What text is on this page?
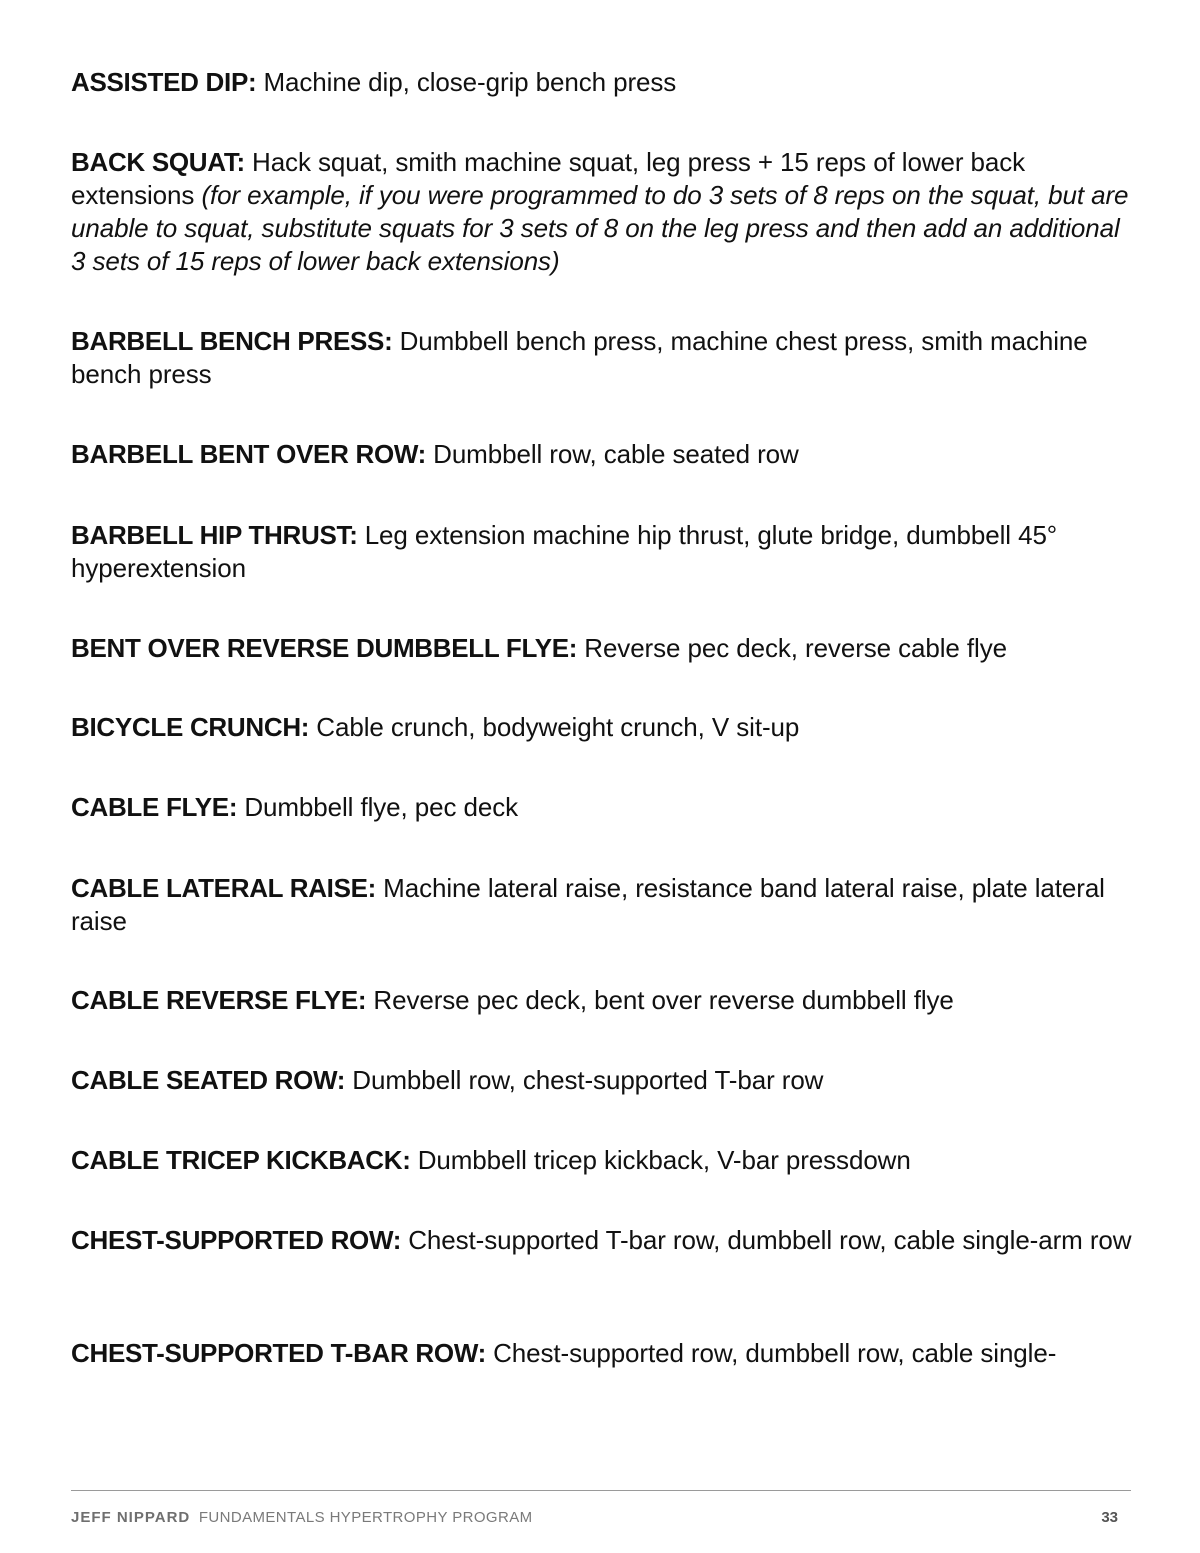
ASSISTED DIP: Machine dip, close-grip bench press

BACK SQUAT: Hack squat, smith machine squat, leg press + 15 reps of lower back extensions (for example, if you were programmed to do 3 sets of 8 reps on the squat, but are unable to squat, substitute squats for 3 sets of 8 on the leg press and then add an additional 3 sets of 15 reps of lower back extensions)

BARBELL BENCH PRESS: Dumbbell bench press, machine chest press, smith machine bench press

BARBELL BENT OVER ROW: Dumbbell row, cable seated row

BARBELL HIP THRUST: Leg extension machine hip thrust, glute bridge, dumbbell 45° hyperextension

BENT OVER REVERSE DUMBBELL FLYE: Reverse pec deck, reverse cable flye

BICYCLE CRUNCH: Cable crunch, bodyweight crunch, V sit-up

CABLE FLYE: Dumbbell flye, pec deck

CABLE LATERAL RAISE: Machine lateral raise, resistance band lateral raise, plate lateral raise

CABLE REVERSE FLYE: Reverse pec deck, bent over reverse dumbbell flye

CABLE SEATED ROW: Dumbbell row, chest-supported T-bar row

CABLE TRICEP KICKBACK: Dumbbell tricep kickback, V-bar pressdown

CHEST-SUPPORTED ROW: Chest-supported T-bar row, dumbbell row, cable single-arm row

CHEST-SUPPORTED T-BAR ROW: Chest-supported row, dumbbell row, cable single-

JEFF NIPPARD FUNDAMENTALS HYPERTROPHY PROGRAM	33
